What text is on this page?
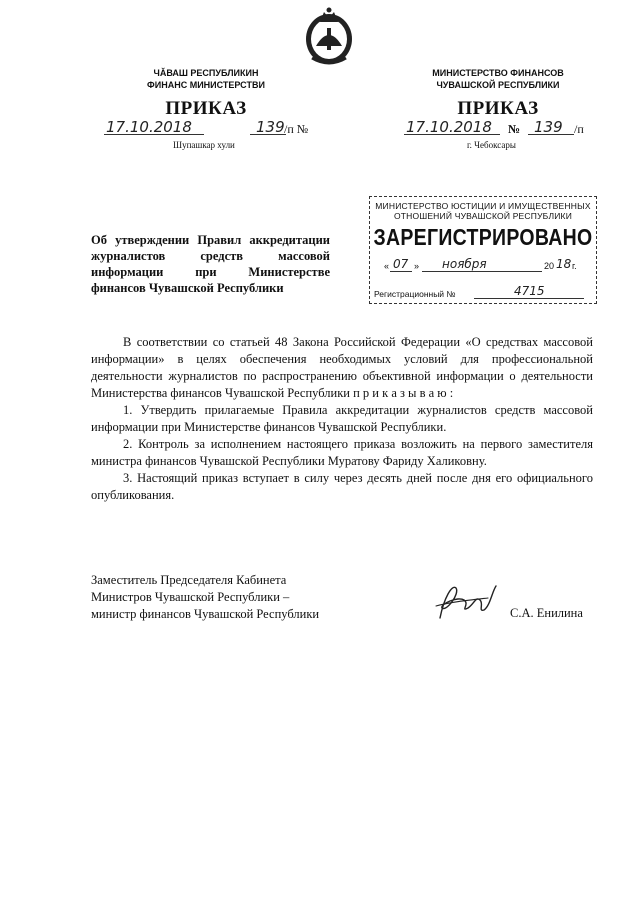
ЧĂВАШ РЕСПУБЛИКИН
ФИНАНС МИНИСТЕРСТВИ
МИНИСТЕРСТВО ФИНАНСОВ
ЧУВАШСКОЙ РЕСПУБЛИКИ
ПРИКАЗ	ПРИКАЗ
17.10.2018	139 /п №
Шупашкар хули
17.10.2018 № 139 /п
г. Чебоксары
МИНИСТЕРСТВО ЮСТИЦИИ И ИМУЩЕСТВЕННЫХ
ОТНОШЕНИЙ ЧУВАШСКОЙ РЕСПУБЛИКИ
ЗАРЕГИСТРИРОВАНО
« 07 » ноября	20 18 г.
Регистрационный №	4715
Об утверждении Правил аккредитации
журналистов средств массовой
информации при Министерстве
финансов Чувашской Республики

В соответствии со статьей 48 Закона Российской Федерации «О средствах массовой информации» в целях обеспечения необходимых условий для профессиональной деятельности журналистов по распространению объективной информации о деятельности Министерства финансов Чувашской Республики п р и к а з ы в а ю :

1. Утвердить прилагаемые Правила аккредитации журналистов средств массовой информации при Министерстве финансов Чувашской Республики.

2. Контроль за исполнением настоящего приказа возложить на первого заместителя министра финансов Чувашской Республики Муратову Фариду Халиковну.

3. Настоящий приказ вступает в силу через десять дней после дня его официального опубликования.

Заместитель Председателя Кабинета
Министров Чувашской Республики –
министр финансов Чувашской Республики	С.А. Енилина
